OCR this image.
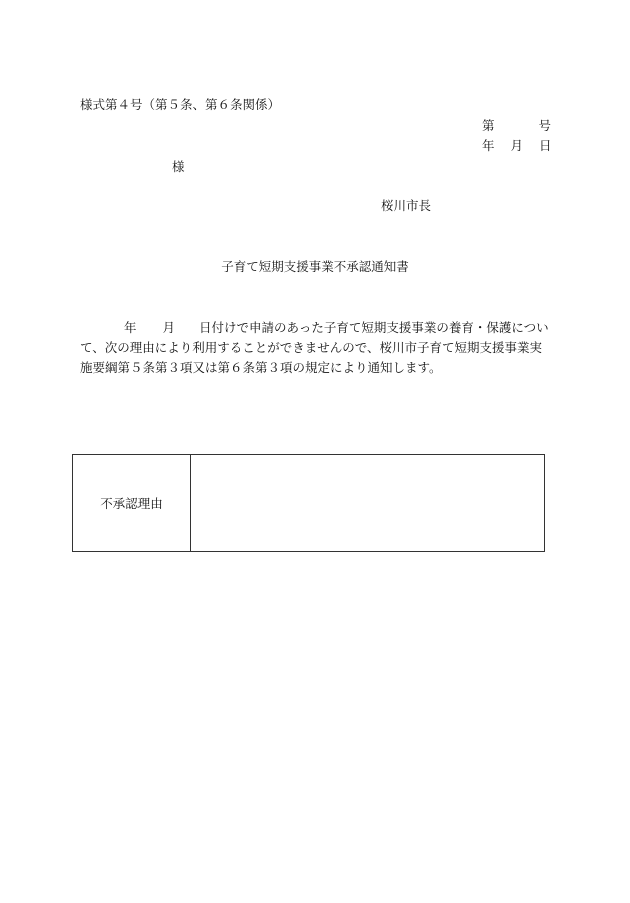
様式第４号（第５条、第６条関係）
第	号
年 月 日
様
桜川市長
子育て短期支援事業不承認通知書
年 月 日付けで申請のあった子育て短期支援事業の養育・保護について、次の理由により利用することができませんので、桜川市子育て短期支援事業実施要綱第５条第３項又は第６条第３項の規定により通知します。
不承認理由
